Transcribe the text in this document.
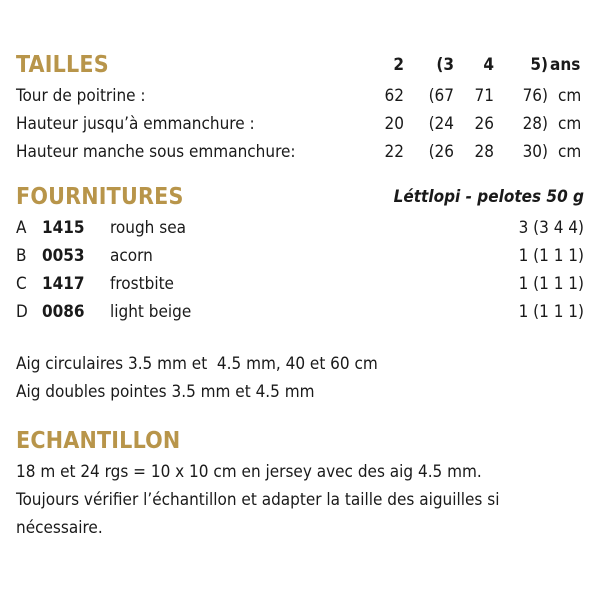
TAILLES	2	(3	4	5) ans
Tour de poitrine :	62	(67	71	76) cm
Hauteur jusqu’à emmanchure :	20	(24	26	28) cm
Hauteur manche sous emmanchure:	22	(26	28	30) cm
FOURNITURES	Léttlopi - pelotes 50 g
A 1415 rough sea	3 (3 4 4)
B 0053 acorn	1 (1 1 1)
C 1417 frostbite	1 (1 1 1)
D 0086 light beige	1 (1 1 1)
Aig circulaires 3.5 mm et  4.5 mm, 40 et 60 cm
Aig doubles pointes 3.5 mm et 4.5 mm
ECHANTILLON
18 m et 24 rgs = 10 x 10 cm en jersey avec des aig 4.5 mm.
Toujours vérifier l’échantillon et adapter la taille des aiguilles si
nécessaire.
